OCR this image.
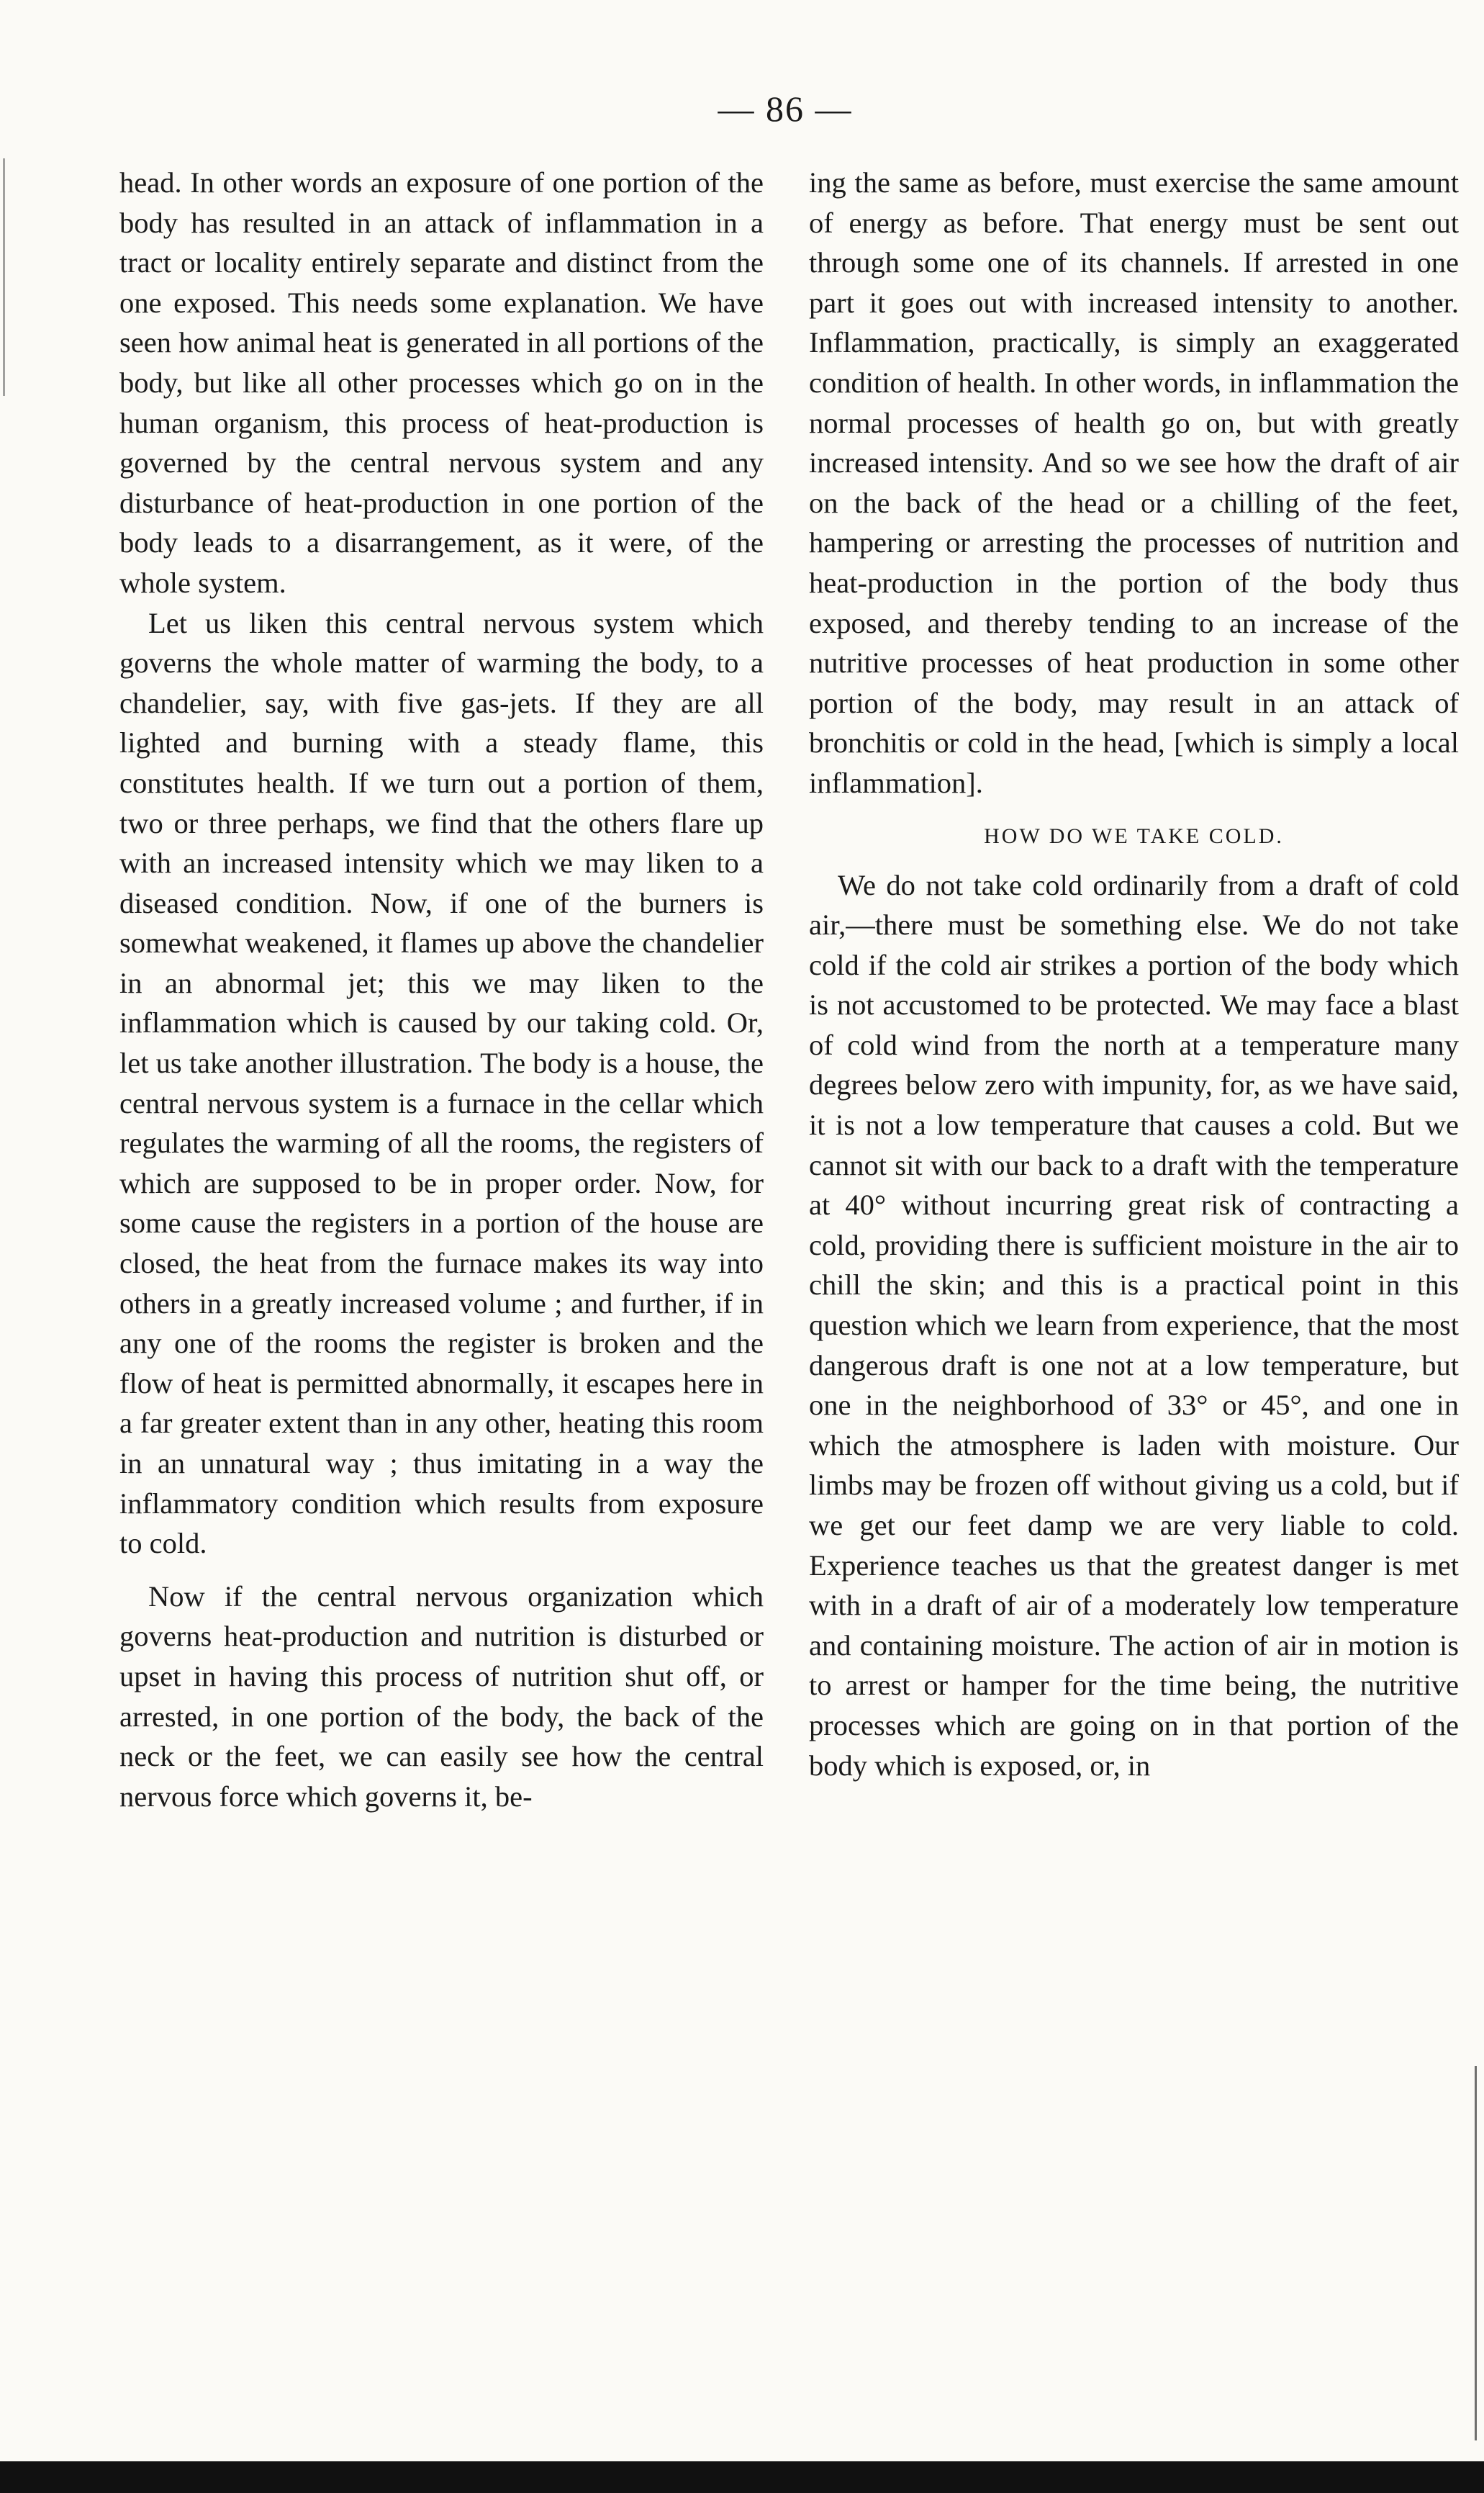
— 86 —

head. In other words an exposure of one portion of the body has resulted in an attack of inflammation in a tract or locality entirely separate and distinct from the one exposed. This needs some explanation. We have seen how animal heat is generated in all portions of the body, but like all other processes which go on in the human organism, this process of heat-production is governed by the central nervous system and any disturbance of heat-production in one portion of the body leads to a disarrangement, as it were, of the whole system.

Let us liken this central nervous system which governs the whole matter of warming the body, to a chandelier, say, with five gas-jets. If they are all lighted and burning with a steady flame, this constitutes health. If we turn out a portion of them, two or three perhaps, we find that the others flare up with an increased intensity which we may liken to a diseased condition. Now, if one of the burners is somewhat weakened, it flames up above the chandelier in an abnormal jet; this we may liken to the inflammation which is caused by our taking cold. Or, let us take another illustration. The body is a house, the central nervous system is a furnace in the cellar which regulates the warming of all the rooms, the registers of which are supposed to be in proper order. Now, for some cause the registers in a portion of the house are closed, the heat from the furnace makes its way into others in a greatly increased volume ; and further, if in any one of the rooms the register is broken and the flow of heat is permitted abnormally, it escapes here in a far greater extent than in any other, heating this room in an unnatural way ; thus imitating in a way the inflammatory condition which results from exposure to cold.

Now if the central nervous organization which governs heat-production and nutrition is disturbed or upset in having this process of nutrition shut off, or arrested, in one portion of the body, the back of the neck or the feet, we can easily see how the central nervous force which governs it, be-

ing the same as before, must exercise the same amount of energy as before. That energy must be sent out through some one of its channels. If arrested in one part it goes out with increased intensity to another. Inflammation, practically, is simply an exaggerated condition of health. In other words, in inflammation the normal processes of health go on, but with greatly increased intensity. And so we see how the draft of air on the back of the head or a chilling of the feet, hampering or arresting the processes of nutrition and heat-production in the portion of the body thus exposed, and thereby tending to an increase of the nutritive processes of heat production in some other portion of the body, may result in an attack of bronchitis or cold in the head, [which is simply a local inflammation].

HOW DO WE TAKE COLD.

We do not take cold ordinarily from a draft of cold air,—there must be something else. We do not take cold if the cold air strikes a portion of the body which is not accustomed to be protected. We may face a blast of cold wind from the north at a temperature many degrees below zero with impunity, for, as we have said, it is not a low temperature that causes a cold. But we cannot sit with our back to a draft with the temperature at 40° without incurring great risk of contracting a cold, providing there is sufficient moisture in the air to chill the skin; and this is a practical point in this question which we learn from experience, that the most dangerous draft is one not at a low temperature, but one in the neighborhood of 33° or 45°, and one in which the atmosphere is laden with moisture. Our limbs may be frozen off without giving us a cold, but if we get our feet damp we are very liable to cold. Experience teaches us that the greatest danger is met with in a draft of air of a moderately low temperature and containing moisture. The action of air in motion is to arrest or hamper for the time being, the nutritive processes which are going on in that portion of the body which is exposed, or, in
